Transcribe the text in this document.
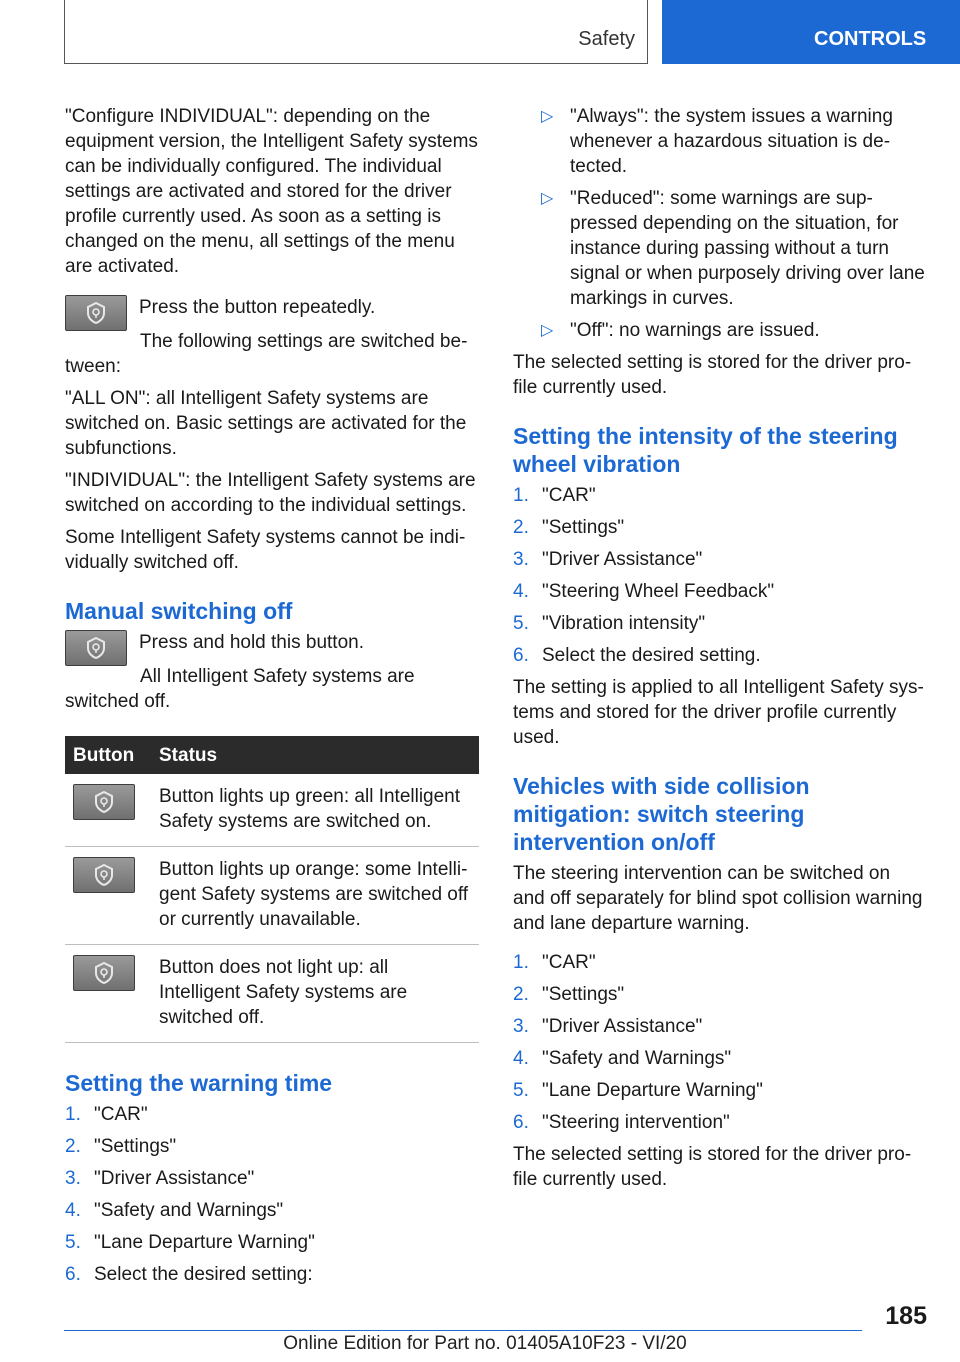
Safety	CONTROLS

"Configure INDIVIDUAL": depending on the equipment version, the Intelligent Safety systems can be individually configured. The individual settings are activated and stored for the driver profile currently used. As soon as a setting is changed on the menu, all settings of the menu are activated.

Press the button repeatedly.

The following settings are switched between:

"ALL ON": all Intelligent Safety systems are switched on. Basic settings are activated for the subfunctions.

"INDIVIDUAL": the Intelligent Safety systems are switched on according to the individual settings.

Some Intelligent Safety systems cannot be individually switched off.

Manual switching off

Press and hold this button.

All Intelligent Safety systems are switched off.

Button	Status

	Button lights up green: all Intelligent Safety systems are switched on.

	Button lights up orange: some Intelligent Safety systems are switched off or currently unavailable.

	Button does not light up: all Intelligent Safety systems are switched off.
Setting the warning time
1. "CAR"
2. "Settings"
3. "Driver Assistance"
4. "Safety and Warnings"
5. "Lane Departure Warning"
6. Select the desired setting:
▷ "Always": the system issues a warning whenever a hazardous situation is detected.
▷ "Reduced": some warnings are suppressed depending on the situation, for instance during passing without a turn signal or when purposely driving over lane markings in curves.
▷ "Off": no warnings are issued.

The selected setting is stored for the driver profile currently used.

Setting the intensity of the steering wheel vibration
1. "CAR"
2. "Settings"
3. "Driver Assistance"
4. "Steering Wheel Feedback"
5. "Vibration intensity"
6. Select the desired setting.

The setting is applied to all Intelligent Safety systems and stored for the driver profile currently used.

Vehicles with side collision mitigation: switch steering intervention on/off

The steering intervention can be switched on and off separately for blind spot collision warning and lane departure warning.

1. "CAR"
2. "Settings"
3. "Driver Assistance"
4. "Safety and Warnings"
5. "Lane Departure Warning"
6. "Steering intervention"

The selected setting is stored for the driver profile currently used.

185
Online Edition for Part no. 01405A10F23 - VI/20
